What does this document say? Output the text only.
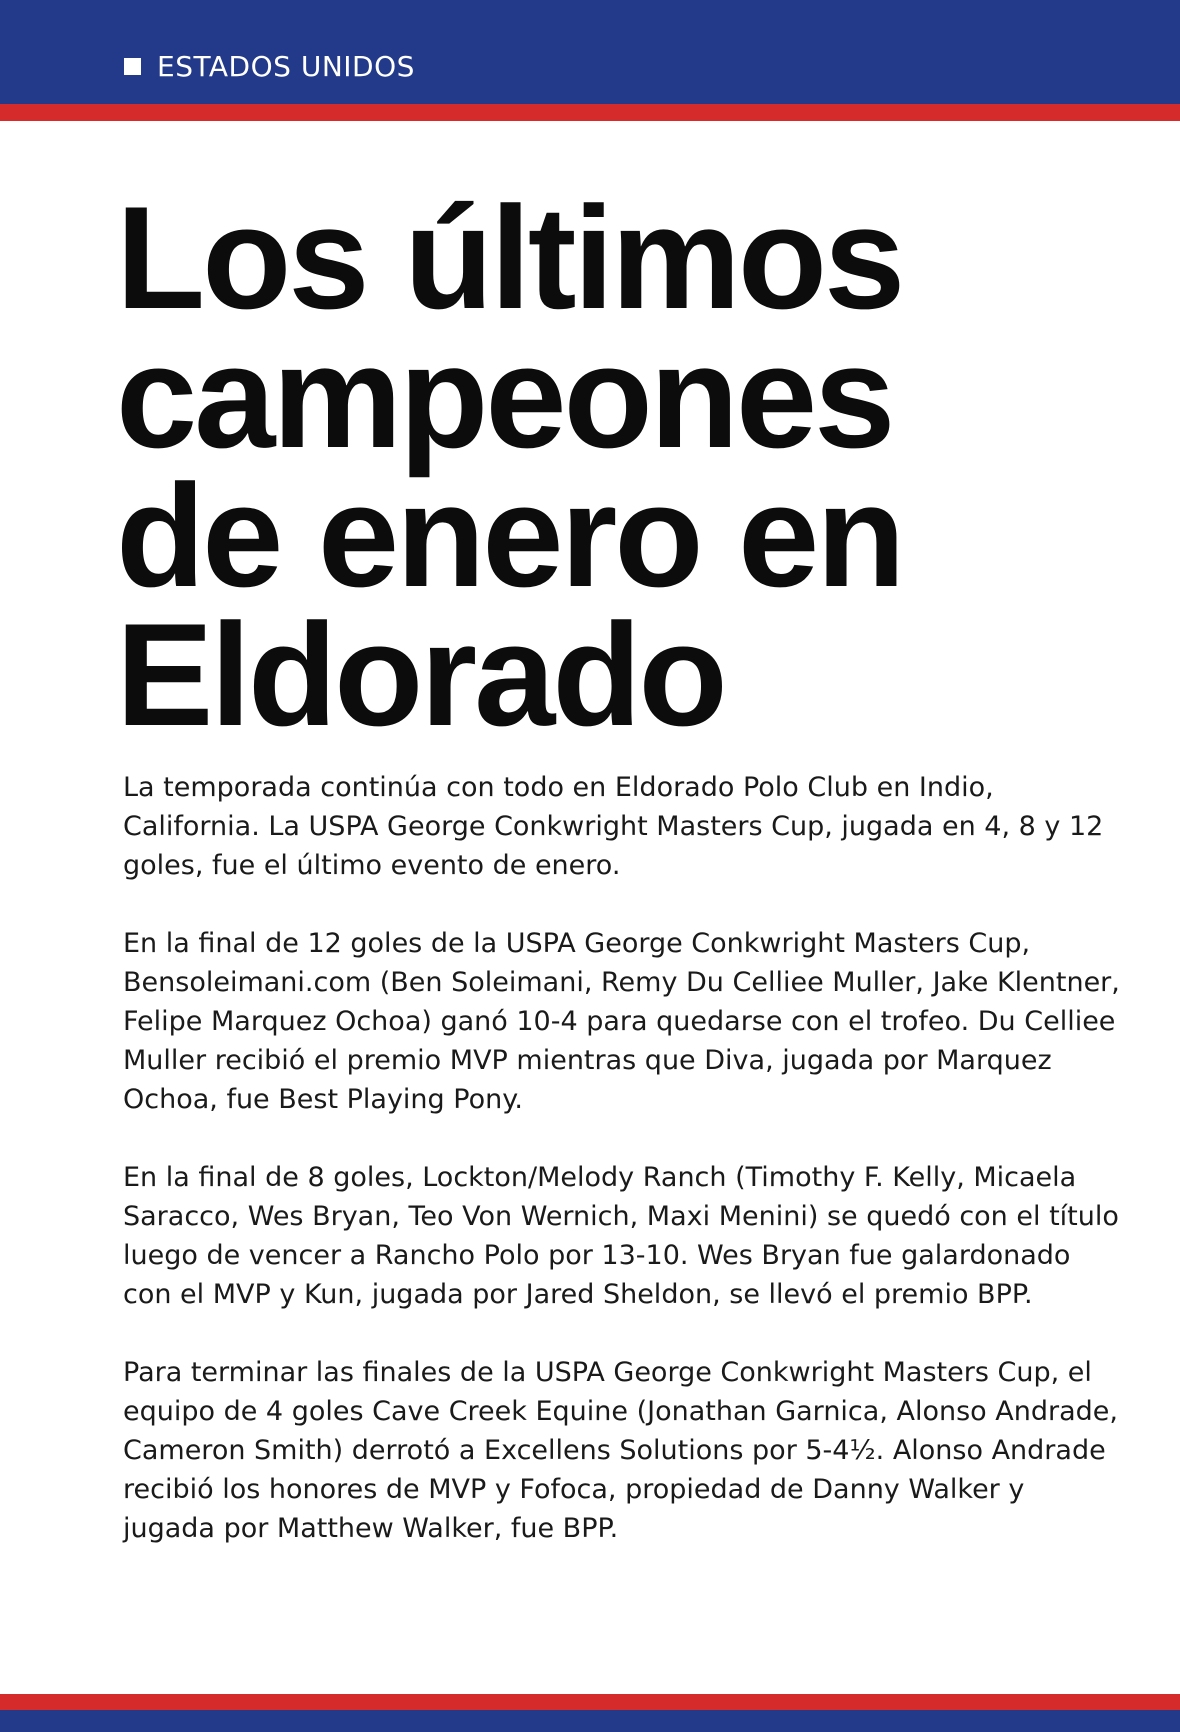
ESTADOS UNIDOS
Los últimos
campeones
de enero en
Eldorado

La temporada continúa con todo en Eldorado Polo Club en Indio, California. La USPA George Conkwright Masters Cup, jugada en 4, 8 y 12 goles, fue el último evento de enero.

En la final de 12 goles de la USPA George Conkwright Masters Cup, Bensoleimani.com (Ben Soleimani, Remy Du Celliee Muller, Jake Klentner, Felipe Marquez Ochoa) ganó 10-4 para quedarse con el trofeo. Du Celliee Muller recibió el premio MVP mientras que Diva, jugada por Marquez Ochoa, fue Best Playing Pony.

En la final de 8 goles, Lockton/Melody Ranch (Timothy F. Kelly, Micaela Saracco, Wes Bryan, Teo Von Wernich, Maxi Menini) se quedó con el título luego de vencer a Rancho Polo por 13-10. Wes Bryan fue galardonado con el MVP y Kun, jugada por Jared Sheldon, se llevó el premio BPP.

Para terminar las finales de la USPA George Conkwright Masters Cup, el equipo de 4 goles Cave Creek Equine (Jonathan Garnica, Alonso Andrade, Cameron Smith) derrotó a Excellens Solutions por 5-4½. Alonso Andrade recibió los honores de MVP y Fofoca, propiedad de Danny Walker y jugada por Matthew Walker, fue BPP.
